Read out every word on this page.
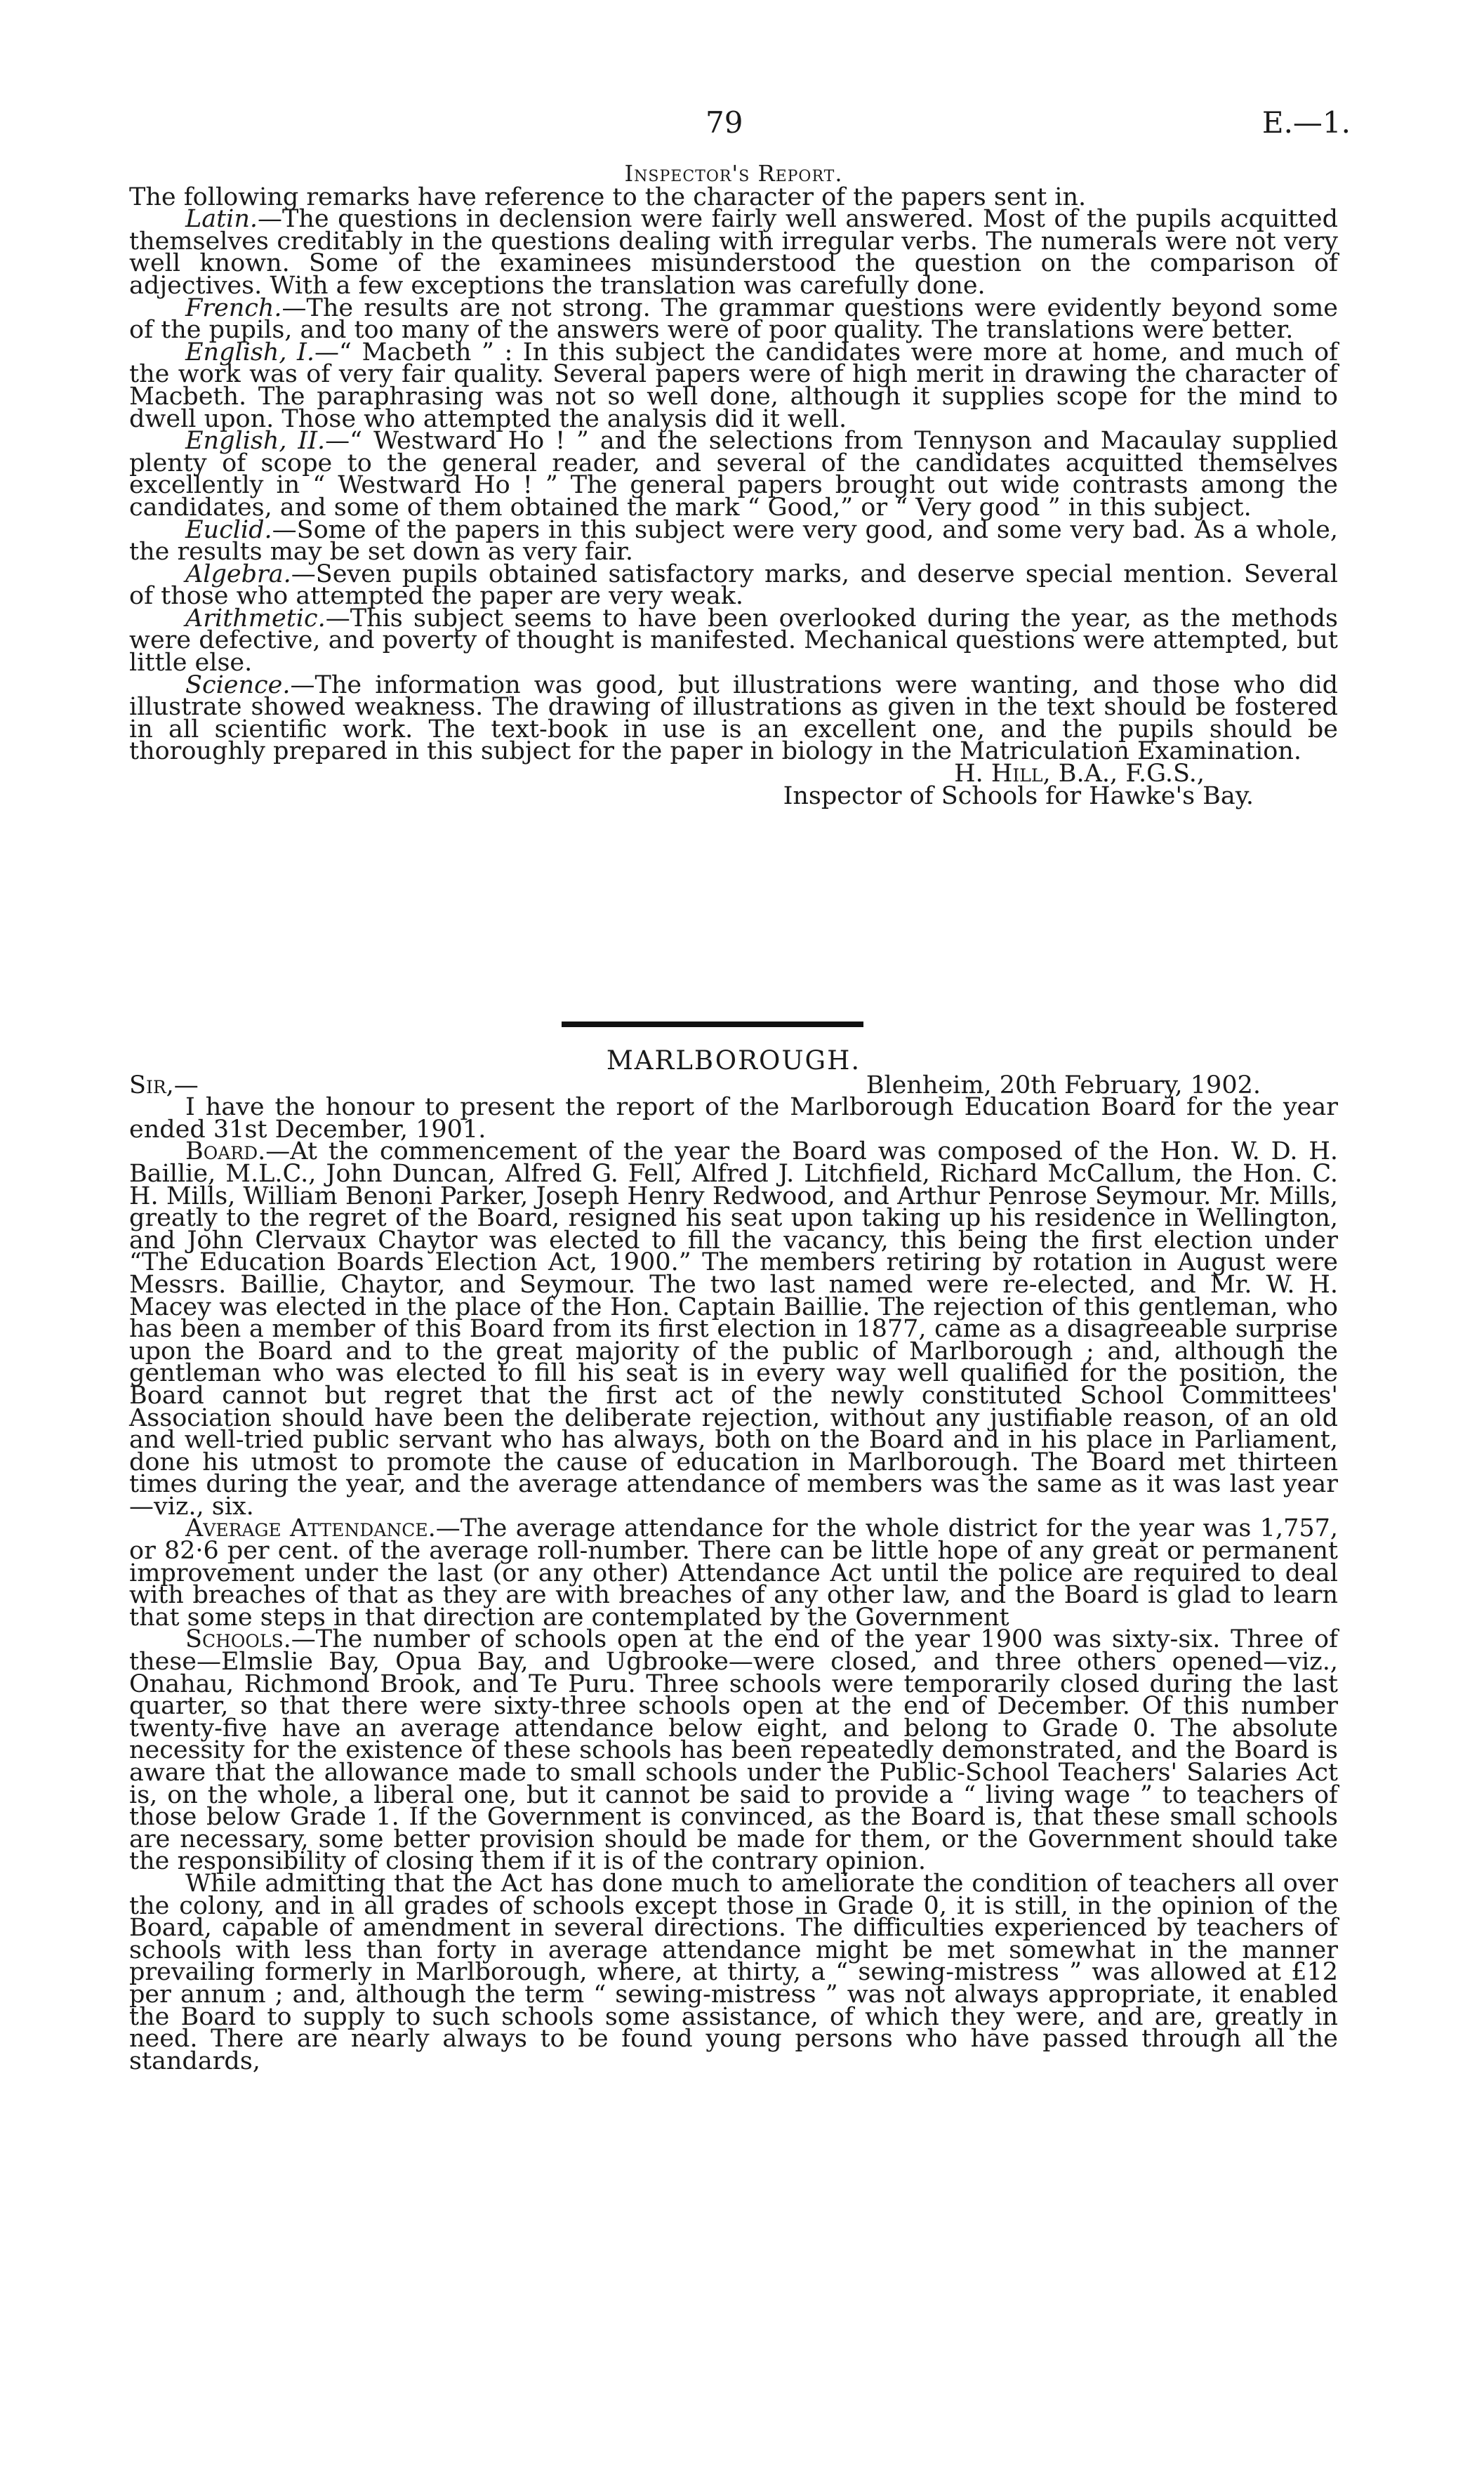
79	E.—1.
Inspector's Report.

The following remarks have reference to the character of the papers sent in.

Latin.—The questions in declension were fairly well answered. Most of the pupils acquitted themselves creditably in the questions dealing with irregular verbs. The numerals were not very well known. Some of the examinees misunderstood the question on the comparison of adjectives. With a few exceptions the translation was carefully done.

French.—The results are not strong. The grammar questions were evidently beyond some of the pupils, and too many of the answers were of poor quality. The translations were better.

English, I.—“ Macbeth ” : In this subject the candidates were more at home, and much of the work was of very fair quality. Several papers were of high merit in drawing the character of Macbeth. The paraphrasing was not so well done, although it supplies scope for the mind to dwell upon. Those who attempted the analysis did it well.

English, II.—“ Westward Ho ! ” and the selections from Tennyson and Macaulay supplied plenty of scope to the general reader, and several of the candidates acquitted themselves excellently in “ Westward Ho ! ” The general papers brought out wide contrasts among the candidates, and some of them obtained the mark “ Good,” or “ Very good ” in this subject.

Euclid.—Some of the papers in this subject were very good, and some very bad. As a whole, the results may be set down as very fair.

Algebra.—Seven pupils obtained satisfactory marks, and deserve special mention. Several of those who attempted the paper are very weak.

Arithmetic.—This subject seems to have been overlooked during the year, as the methods were defective, and poverty of thought is manifested. Mechanical questions were attempted, but little else.

Science.—The information was good, but illustrations were wanting, and those who did illustrate showed weakness. The drawing of illustrations as given in the text should be fostered in all scientific work. The text-book in use is an excellent one, and the pupils should be thoroughly prepared in this subject for the paper in biology in the Matriculation Examination.

H. Hill, B.A., F.G.S.,

Inspector of Schools for Hawke's Bay.

MARLBOROUGH.
Sir,—	Blenheim, 20th February, 1902.

I have the honour to present the report of the Marlborough Education Board for the year ended 31st December, 1901.

Board.—At the commencement of the year the Board was composed of the Hon. W. D. H. Baillie, M.L.C., John Duncan, Alfred G. Fell, Alfred J. Litchfield, Richard McCallum, the Hon. C. H. Mills, William Benoni Parker, Joseph Henry Redwood, and Arthur Penrose Seymour. Mr. Mills, greatly to the regret of the Board, resigned his seat upon taking up his residence in Wellington, and John Clervaux Chaytor was elected to fill the vacancy, this being the first election under “The Education Boards Election Act, 1900.” The members retiring by rotation in August were Messrs. Baillie, Chaytor, and Seymour. The two last named were re-elected, and Mr. W. H. Macey was elected in the place of the Hon. Captain Baillie. The rejection of this gentleman, who has been a member of this Board from its first election in 1877, came as a disagreeable surprise upon the Board and to the great majority of the public of Marlborough ; and, although the gentleman who was elected to fill his seat is in every way well qualified for the position, the Board cannot but regret that the first act of the newly constituted School Committees' Association should have been the deliberate rejection, without any justifiable reason, of an old and well-tried public servant who has always, both on the Board and in his place in Parliament, done his utmost to promote the cause of education in Marlborough. The Board met thirteen times during the year, and the average attendance of members was the same as it was last year—viz., six.

Average Attendance.—The average attendance for the whole district for the year was 1,757, or 82·6 per cent. of the average roll-number. There can be little hope of any great or permanent improvement under the last (or any other) Attendance Act until the police are required to deal with breaches of that as they are with breaches of any other law, and the Board is glad to learn that some steps in that direction are contemplated by the Government

Schools.—The number of schools open at the end of the year 1900 was sixty-six. Three of these—Elmslie Bay, Opua Bay, and Ugbrooke—were closed, and three others opened—viz., Onahau, Richmond Brook, and Te Puru. Three schools were temporarily closed during the last quarter, so that there were sixty-three schools open at the end of December. Of this number twenty-five have an average attendance below eight, and belong to Grade 0. The absolute necessity for the existence of these schools has been repeatedly demonstrated, and the Board is aware that the allowance made to small schools under the Public-School Teachers' Salaries Act is, on the whole, a liberal one, but it cannot be said to provide a “ living wage ” to teachers of those below Grade 1. If the Government is convinced, as the Board is, that these small schools are necessary, some better provision should be made for them, or the Government should take the responsibility of closing them if it is of the contrary opinion.

While admitting that the Act has done much to ameliorate the condition of teachers all over the colony, and in all grades of schools except those in Grade 0, it is still, in the opinion of the Board, capable of amendment in several directions. The difficulties experienced by teachers of schools with less than forty in average attendance might be met somewhat in the manner prevailing formerly in Marlborough, where, at thirty, a “ sewing-mistress ” was allowed at £12 per annum ; and, although the term “ sewing-mistress ” was not always appropriate, it enabled the Board to supply to such schools some assistance, of which they were, and are, greatly in need. There are nearly always to be found young persons who have passed through all the standards,
